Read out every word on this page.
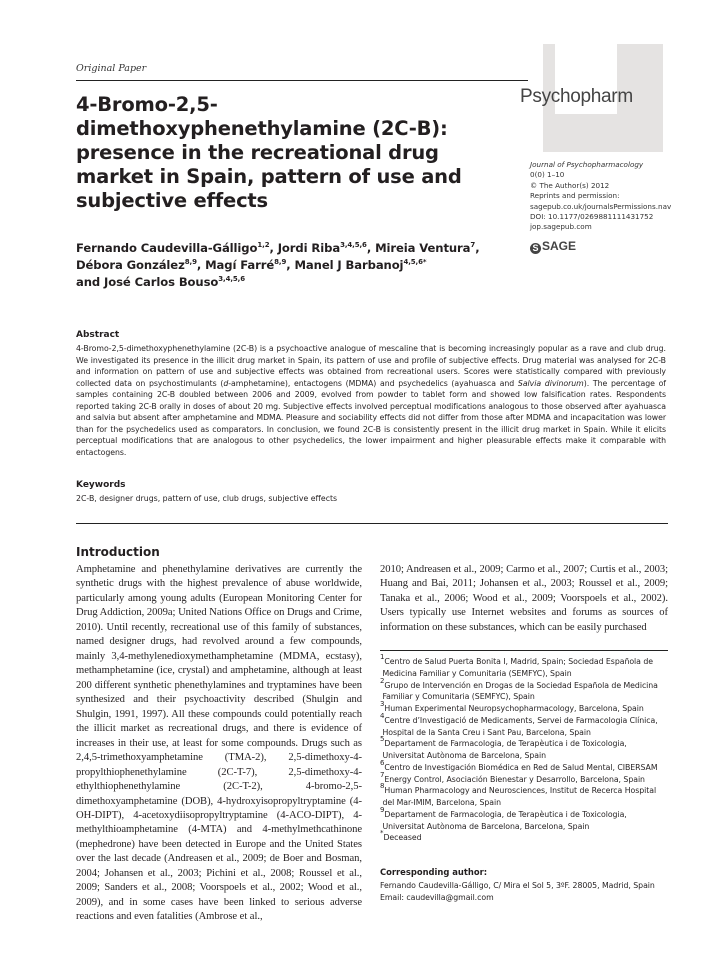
Original Paper
Psychopharm
4-Bromo-2,5-dimethoxyphenethylamine (2C-B): presence in the recreational drug market in Spain, pattern of use and subjective effects
Journal of Psychopharmacology
0(0) 1–10
© The Author(s) 2012
Reprints and permission:
sagepub.co.uk/journalsPermissions.nav
DOI: 10.1177/0269881111431752
jop.sagepub.com
S SAGE
Fernando Caudevilla-Gálligo$^{1,2}$, Jordi Riba$^{3,4,5,6}$, Mireia Ventura$^7$,
Débora González$^{8,9}$, Magí Farré$^{8,9}$, Manel J Barbanoj$^{4,5,6*}$
and José Carlos Bouso$^{3,4,5,6}$
Abstract
4-Bromo-2,5-dimethoxyphenethylamine (2C-B) is a psychoactive analogue of mescaline that is becoming increasingly popular as a rave and club drug. We investigated its presence in the illicit drug market in Spain, its pattern of use and profile of subjective effects. Drug material was analysed for 2C-B and information on pattern of use and subjective effects was obtained from recreational users. Scores were statistically compared with previously collected data on psychostimulants (d-amphetamine), entactogens (MDMA) and psychedelics (ayahuasca and Salvia divinorum). The percentage of samples containing 2C-B doubled between 2006 and 2009, evolved from powder to tablet form and showed low falsification rates. Respondents reported taking 2C-B orally in doses of about 20 mg. Subjective effects involved perceptual modifications analogous to those observed after ayahuasca and salvia but absent after amphetamine and MDMA. Pleasure and sociability effects did not differ from those after MDMA and incapacitation was lower than for the psychedelics used as comparators. In conclusion, we found 2C-B is consistently present in the illicit drug market in Spain. While it elicits perceptual modifications that are analogous to other psychedelics, the lower impairment and higher pleasurable effects make it comparable with entactogens.
Keywords
2C-B, designer drugs, pattern of use, club drugs, subjective effects
Introduction
Amphetamine and phenethylamine derivatives are currently the synthetic drugs with the highest prevalence of abuse worldwide, particularly among young adults (European Monitoring Center for Drug Addiction, 2009a; United Nations Office on Drugs and Crime, 2010). Until recently, recreational use of this family of substances, named designer drugs, had revolved around a few compounds, mainly 3,4-methylenedioxymethamphetamine (MDMA, ecstasy), methamphetamine (ice, crystal) and amphetamine, although at least 200 different synthetic phenethylamines and tryptamines have been synthesized and their psychoactivity described (Shulgin and Shulgin, 1991, 1997). All these compounds could potentially reach the illicit market as recreational drugs, and there is evidence of increases in their use, at least for some compounds. Drugs such as 2,4,5-trimethoxyamphetamine (TMA-2), 2,5-dimethoxy-4-propylthiophenethylamine (2C-T-7), 2,5-dimethoxy-4-ethylthiophenethylamine (2C-T-2), 4-bromo-2,5-dimethoxyamphetamine (DOB), 4-hydroxyisopropyltryptamine (4-OH-DIPT), 4-acetoxydiisopropyltryptamine (4-ACO-DIPT), 4-methylthioamphetamine (4-MTA) and 4-methylmethcathinone (mephedrone) have been detected in Europe and the United States over the last decade (Andreasen et al., 2009; de Boer and Bosman, 2004; Johansen et al., 2003; Pichini et al., 2008; Roussel et al., 2009; Sanders et al., 2008; Voorspoels et al., 2002; Wood et al., 2009), and in some cases have been linked to serious adverse reactions and even fatalities (Ambrose et al.,
2010; Andreasen et al., 2009; Carmo et al., 2007; Curtis et al., 2003; Huang and Bai, 2011; Johansen et al., 2003; Roussel et al., 2009; Tanaka et al., 2006; Wood et al., 2009; Voorspoels et al., 2002). Users typically use Internet websites and forums as sources of information on these substances, which can be easily purchased
$^1$Centro de Salud Puerta Bonita I, Madrid, Spain; Sociedad Española de
Medicina Familiar y Comunitaria (SEMFYC), Spain
$^2$Grupo de Intervención en Drogas de la Sociedad Española de Medicina
Familiar y Comunitaria (SEMFYC), Spain
$^3$Human Experimental Neuropsychopharmacology, Barcelona, Spain
$^4$Centre d’Investigació de Medicaments, Servei de Farmacologia Clínica,
Hospital de la Santa Creu i Sant Pau, Barcelona, Spain
$^5$Departament de Farmacologia, de Terapèutica i de Toxicologia,
Universitat Autònoma de Barcelona, Spain
$^6$Centro de Investigación Biomédica en Red de Salud Mental, CIBERSAM
$^7$Energy Control, Asociación Bienestar y Desarrollo, Barcelona, Spain
$^8$Human Pharmacology and Neurosciences, Institut de Recerca Hospital
del Mar-IMIM, Barcelona, Spain
$^9$Departament de Farmacologia, de Terapèutica i de Toxicologia,
Universitat Autònoma de Barcelona, Barcelona, Spain
*Deceased
Corresponding author:
Fernando Caudevilla-Gálligo, C/ Mira el Sol 5, 3ºF. 28005, Madrid, Spain
Email: caudevilla@gmail.com
